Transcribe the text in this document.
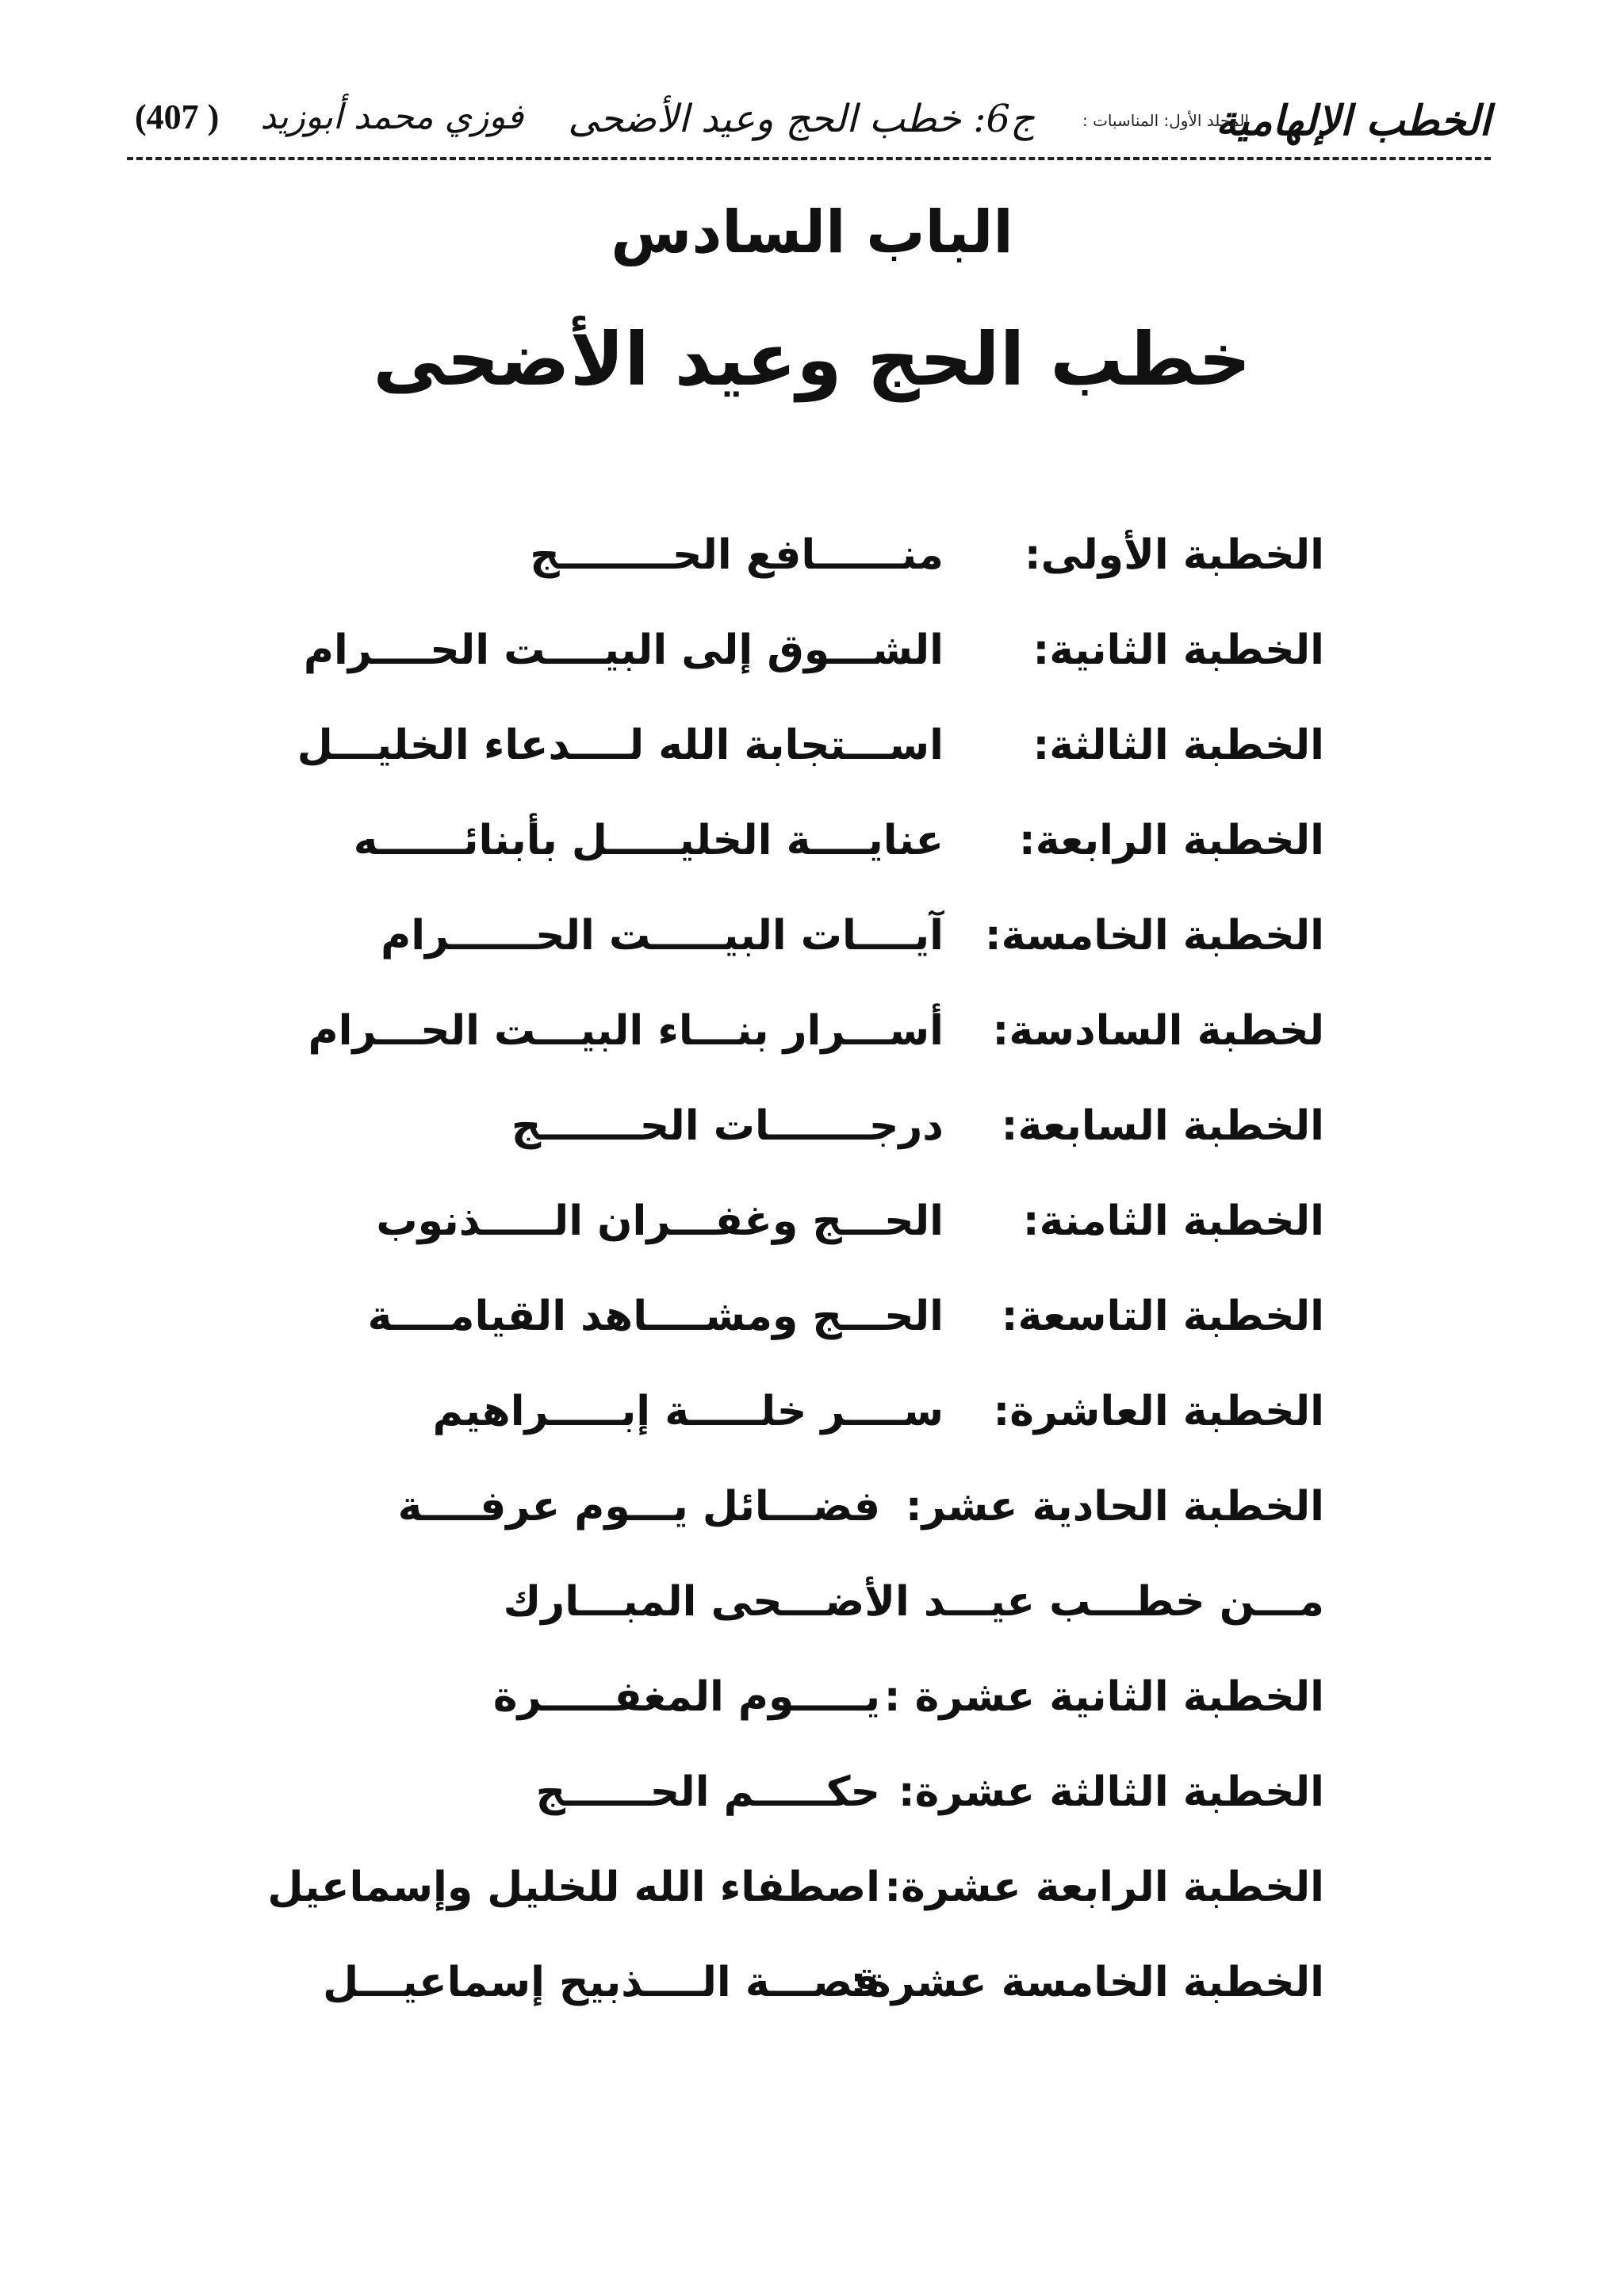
الخطب الإلهامية
المجلد الأول: المناسبات :
ج6: خطب الحج وعيد الأضحى
فوزي محمد أبوزيد
(407 )
الباب السادس
خطب الحج وعيد الأضحى
الخطبة الأولى:
منــــــافع الحــــــــج
الخطبة الثانية:
الشـــوق إلى البيــــت الحــــرام
الخطبة الثالثة:
اســـتجابة الله لــــدعاء الخليـــل
الخطبة الرابعة:
عنايــــة الخليـــــل بأبنائــــــه
الخطبة الخامسة:
آيــــات البيـــــت الحــــــرام
لخطبة السادسة:
أســـرار بنـــاء البيـــت الحـــرام
الخطبة السابعة:
درجـــــــات الحـــــــج
الخطبة الثامنة:
الحـــج وغفـــران الـــــذنوب
الخطبة التاسعة:
الحـــج ومشــــاهد القيامــــة
الخطبة العاشرة:
ســــر خلـــــة إبـــــراهيم
الخطبة الحادية عشر:
فضـــائل يـــوم عرفــــة
مـــن خطـــب عيـــد الأضـــحى المبـــارك
الخطبة الثانية عشرة :
يـــــوم المغفـــــرة
الخطبة الثالثة عشرة:
حكـــــم الحــــــج
الخطبة الرابعة عشرة:
اصطفاء الله للخليل وإسماعيل
الخطبة الخامسة عشرة:
قصـــة الــــذبيح إسماعيـــل
